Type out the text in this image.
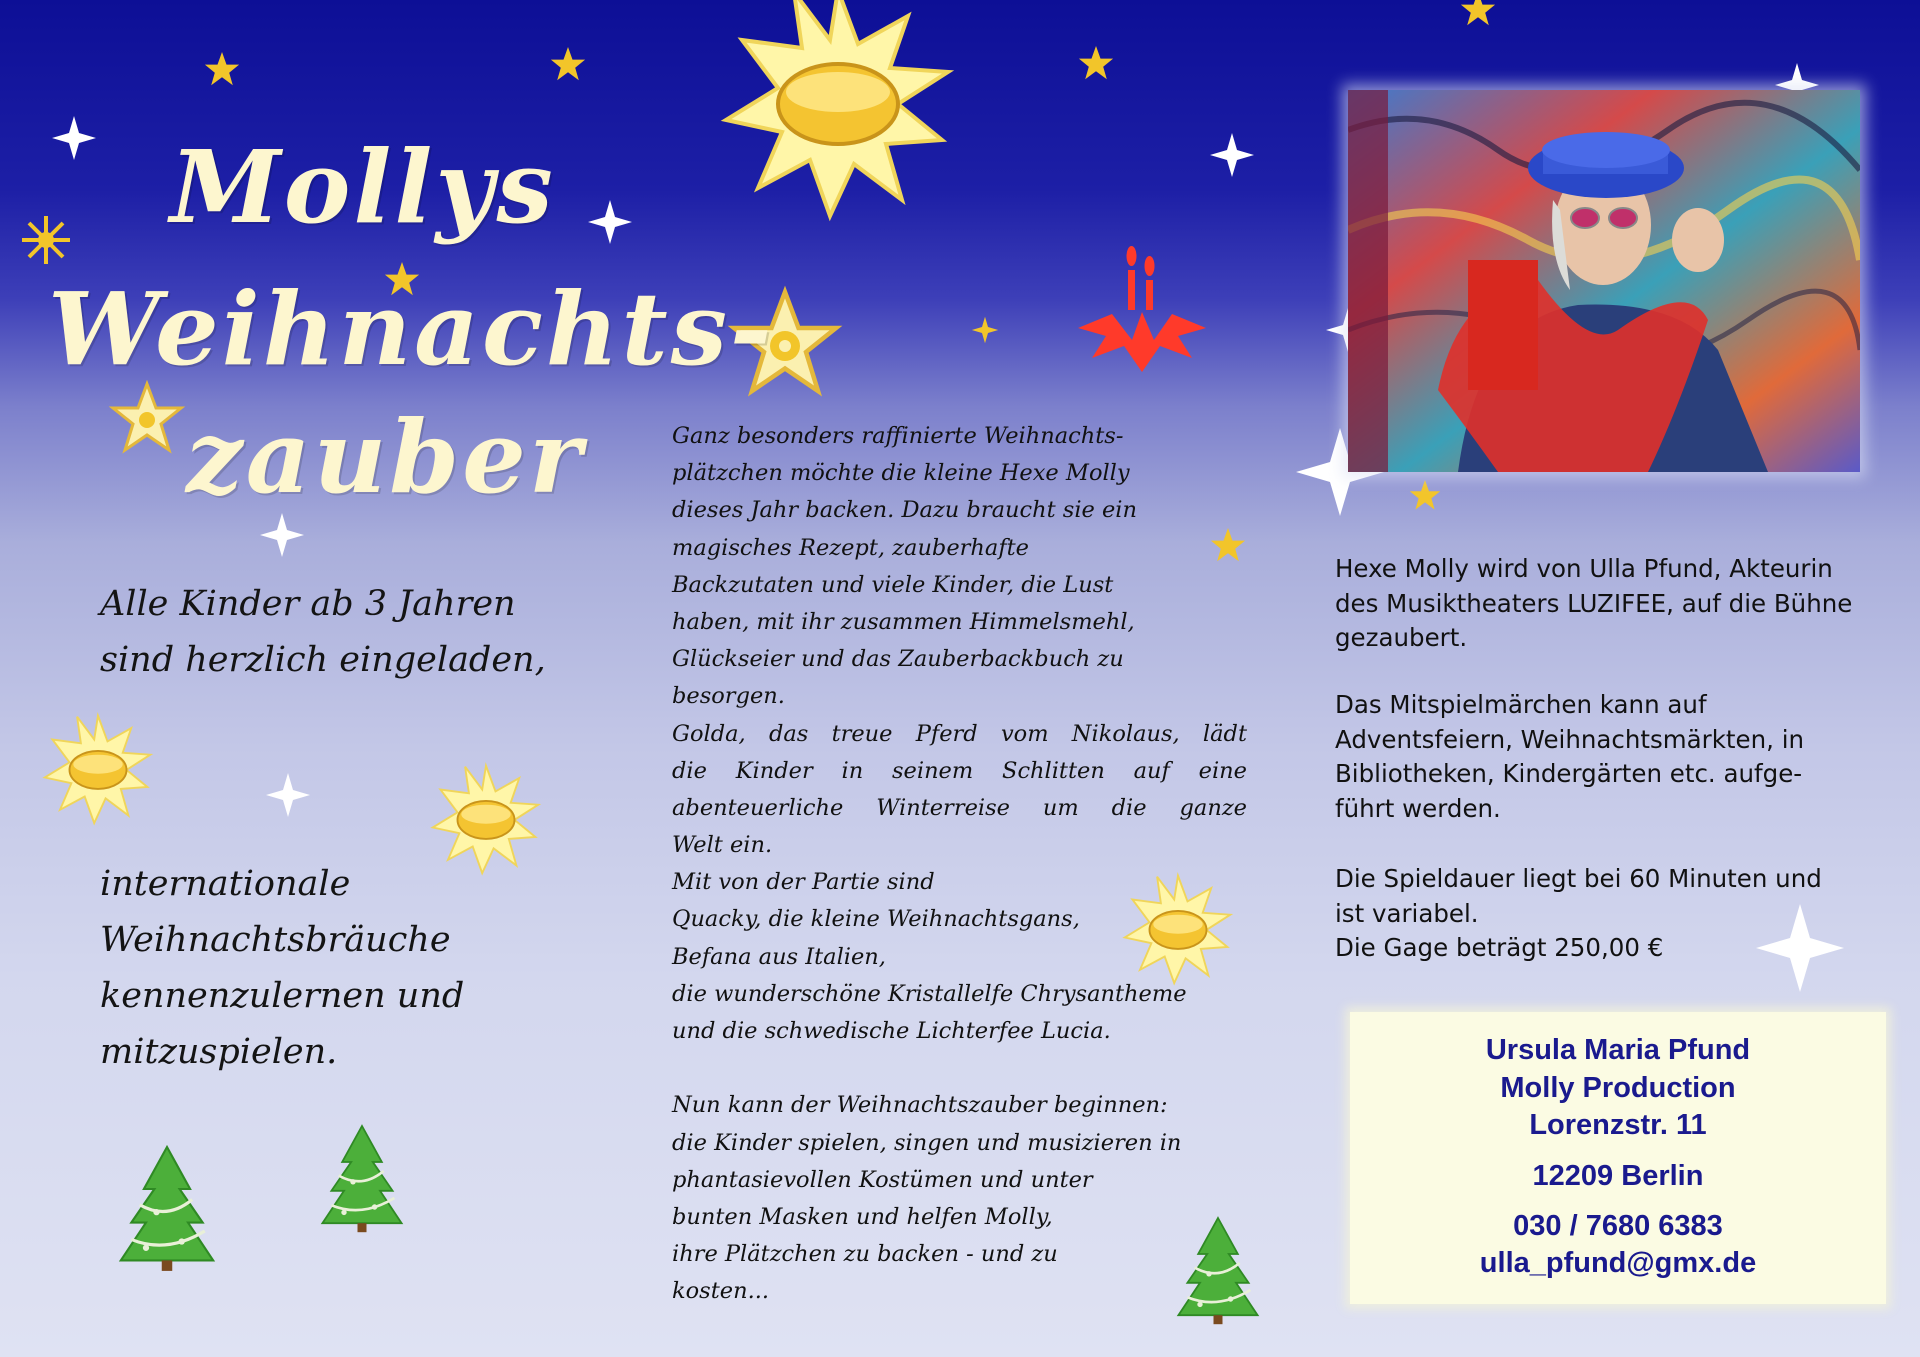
Mollys
Weihnachts-
zauber
Alle Kinder ab 3 Jahren
sind herzlich eingeladen,
internationale
Weihnachtsbräuche
kennenzulernen und
mitzuspielen.
Ganz besonders raffinierte Weihnachts-
plätzchen möchte die kleine Hexe Molly
dieses Jahr backen. Dazu braucht sie ein
magisches Rezept, zauberhafte
Backzutaten und viele Kinder, die Lust
haben, mit ihr zusammen Himmelsmehl,
Glückseier und das Zauberbackbuch zu
besorgen.
Golda, das treue Pferd vom Nikolaus, lädt
die Kinder in seinem Schlitten auf eine
abenteuerliche Winterreise um die ganze
Welt ein.
Mit von der Partie sind
Quacky, die kleine Weihnachtsgans,
Befana aus Italien,
die wunderschöne Kristallelfe Chrysantheme
und die schwedische Lichterfee Lucia.
Nun kann der Weihnachtszauber beginnen:
die Kinder spielen, singen und musizieren in
phantasievollen Kostümen und unter
bunten Masken und helfen Molly,
ihre Plätzchen zu backen - und zu
kosten...
Hexe Molly wird von Ulla Pfund, Akteurin
des Musiktheaters LUZIFEE, auf die Bühne
gezaubert.
Das Mitspielmärchen kann auf
Adventsfeiern, Weihnachtsmärkten, in
Bibliotheken, Kindergärten etc. aufge-
führt werden.
Die Spieldauer liegt bei 60 Minuten und
ist variabel.
Die Gage beträgt 250,00 €
Ursula Maria Pfund
Molly Production
Lorenzstr. 11
12209 Berlin
030 / 7680 6383
ulla_pfund@gmx.de
